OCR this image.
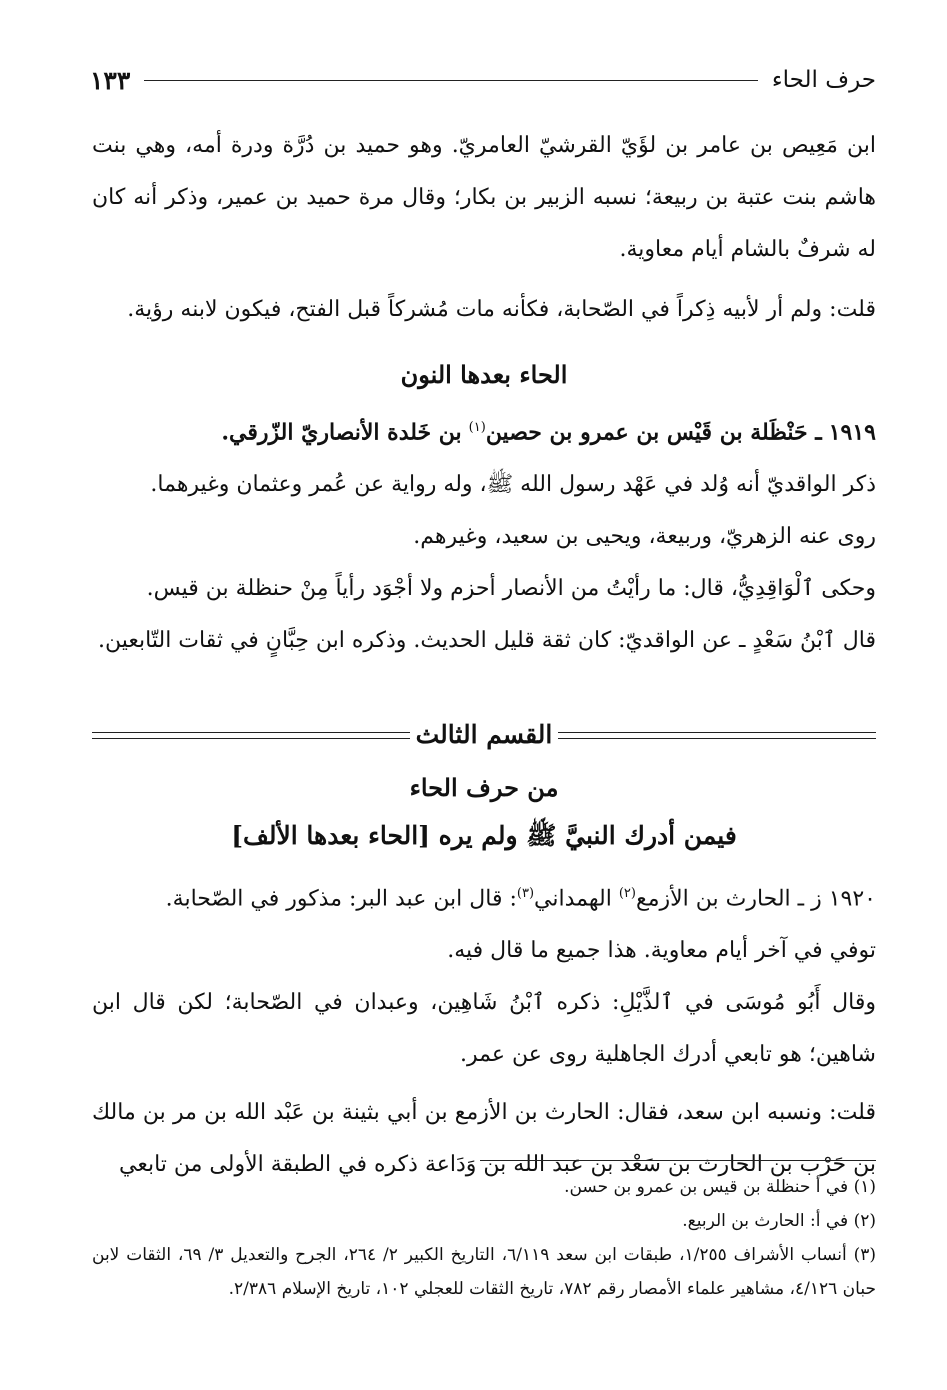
حرف الحاء
١٣٣

ابن مَعِيص بن عامر بن لؤَيّ القرشيّ العامريّ. وهو حميد بن دُرَّة ودرة أمه، وهي بنت هاشم بنت عتبة بن ربيعة؛ نسبه الزبير بن بكار؛ وقال مرة حميد بن عمير، وذكر أنه كان له شرفٌ بالشام أيام معاوية.

قلت: ولم أر لأبيه ذِكراً في الصّحابة، فكأنه مات مُشركاً قبل الفتح، فيكون لابنه رؤية.

الحاء بعدها النون

١٩١٩ ـ حَنْظَلة بن قَيْس بن عمرو بن حصين$^{(١)}$ بن خَلدة الأنصاريّ الزّرقي.

ذكر الواقديّ أنه وُلد في عَهْد رسول الله ﷺ، وله رواية عن عُمر وعثمان وغيرهما.

روى عنه الزهريّ، وربيعة، ويحيى بن سعيد، وغيرهم.

وحكى ٱلْوَاقِدِيُّ، قال: ما رأيْتُ من الأنصار أحزم ولا أجْوَد رأياً مِنْ حنظلة بن قيس.

قال ٱبْنُ سَعْدٍ ـ عن الواقديّ: كان ثقة قليل الحديث. وذكره ابن حِبَّانٍ في ثقات التّابعين.

القسم الثالث

من حرف الحاء

فيمن أدرك النبيَّ ﷺ ولم يره [الحاء بعدها الألف]

١٩٢٠ ز ـ الحارث بن الأزمع$^{(٢)}$ الهمداني$^{(٣)}$: قال ابن عبد البر: مذكور في الصّحابة.

توفي في آخر أيام معاوية. هذا جميع ما قال فيه.

وقال أَبُو مُوسَى في ٱلذَّيْلِ: ذكره ٱبْنُ شَاهِين، وعبدان في الصّحابة؛ لكن قال ابن شاهين؛ هو تابعي أدرك الجاهلية روى عن عمر.

قلت: ونسبه ابن سعد، فقال: الحارث بن الأزمع بن أبي بثينة بن عَبْد الله بن مر بن مالك بن حَرْب بن الحارث بن سَعْد بن عبد الله بن وَدَاعة ذكره في الطبقة الأولى من تابعي

(١) في أ حنظلة بن قيس بن عمرو بن حسن.

(٢) في أ: الحارث بن الربيع.

(٣) أنساب الأشراف ١/٢٥٥، طبقات ابن سعد ٦/١١٩، التاريخ الكبير ٢/ ٢٦٤، الجرح والتعديل ٣/ ٦٩، الثقات لابن حبان ٤/١٢٦، مشاهير علماء الأمصار رقم ٧٨٢، تاريخ الثقات للعجلي ١٠٢، تاريخ الإسلام ٢/٣٨٦.
